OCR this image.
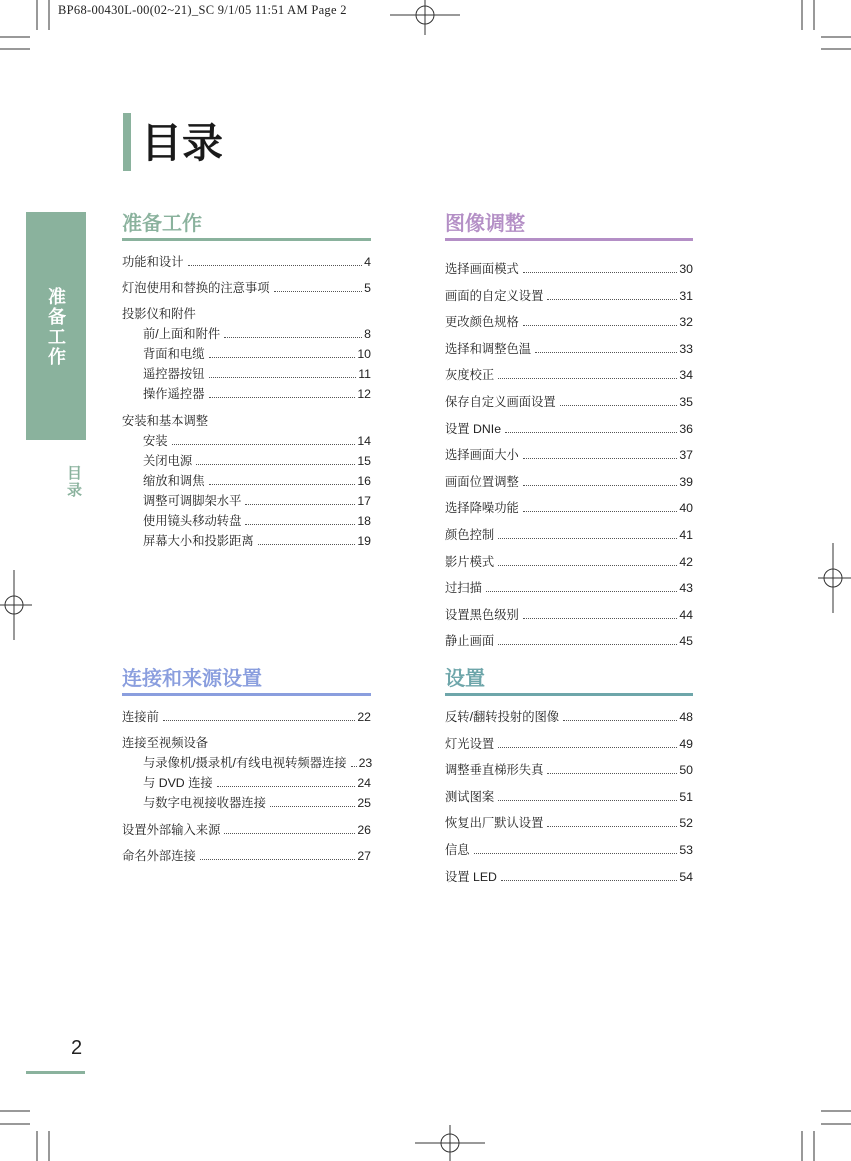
BP68-00430L-00(02~21)_SC 9/1/05 11:51 AM Page 2
目录
准备工作
目录
准备工作
功能和设计	4
灯泡使用和替换的注意事项	5
投影仪和附件
前/上面和附件	8
背面和电缆	10
遥控器按钮	11
操作遥控器	12
安装和基本调整
安装	14
关闭电源	15
缩放和调焦	16
调整可调脚架水平	17
使用镜头移动转盘	18
屏幕大小和投影距离	19
图像调整
选择画面模式	30
画面的自定义设置	31
更改颜色规格	32
选择和调整色温	33
灰度校正	34
保存自定义画面设置	35
设置 DNIe	36
选择画面大小	37
画面位置调整	39
选择降噪功能	40
颜色控制	41
影片模式	42
过扫描	43
设置黑色级别	44
静止画面	45
连接和来源设置
连接前	22
连接至视频设备
与录像机/摄录机/有线电视转频器连接 23
与 DVD 连接	24
与数字电视接收器连接	25
设置外部输入来源	26
命名外部连接	27
设置
反转/翻转投射的图像	48
灯光设置	49
调整垂直梯形失真	50
测试图案	51
恢复出厂默认设置	52
信息	53
设置 LED	54
2
